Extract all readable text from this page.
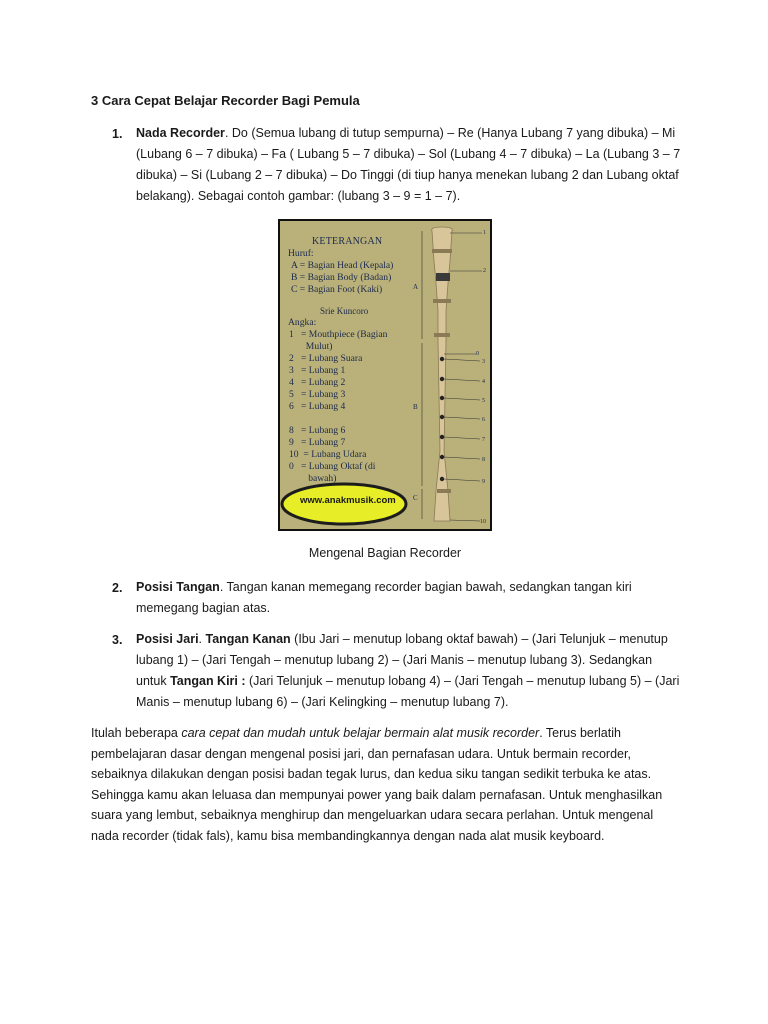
3 Cara Cepat Belajar Recorder Bagi Pemula
1. Nada Recorder. Do (Semua lubang di tutup sempurna) – Re (Hanya Lubang 7 yang dibuka) – Mi (Lubang 6 – 7 dibuka) – Fa ( Lubang 5 – 7 dibuka) – Sol (Lubang 4 – 7 dibuka) – La (Lubang 3 – 7 dibuka) – Si (Lubang 2 – 7 dibuka) – Do Tinggi (di tiup hanya menekan lubang 2 dan Lubang oktaf belakang). Sebagai contoh gambar: (lubang 3 – 9 = 1 – 7).
KETERANGAN
Huruf:
A = Bagian Head (Kepala)
B = Bagian Body (Badan)
C = Bagian Foot (Kaki)
Srie Kuncoro
Angka:
1   = Mouthpiece (Bagian
Mulut)
2   = Lubang Suara
3   = Lubang 1
4   = Lubang 2
5   = Lubang 3
6   = Lubang 4
8   = Lubang 6
9   = Lubang 7
10  = Lubang Udara
0   = Lubang Oktaf (di
bawah)
www.anakmusik.com
A
B
C
1
2
0
3
4
5
6
7
8
9
10
Mengenal Bagian Recorder
2. Posisi Tangan. Tangan kanan memegang recorder bagian bawah, sedangkan tangan kiri memegang bagian atas.
3. Posisi Jari. Tangan Kanan (Ibu Jari – menutup lobang oktaf bawah) – (Jari Telunjuk – menutup lubang 1) – (Jari Tengah – menutup lubang 2) – (Jari Manis – menutup lubang 3). Sedangkan untuk Tangan Kiri : (Jari Telunjuk – menutup lobang 4) – (Jari Tengah – menutup lubang 5) – (Jari Manis – menutup lubang 6) – (Jari Kelingking – menutup lubang 7).
Itulah beberapa cara cepat dan mudah untuk belajar bermain alat musik recorder. Terus berlatih pembelajaran dasar dengan mengenal posisi jari, dan pernafasan udara. Untuk bermain recorder, sebaiknya dilakukan dengan posisi badan tegak lurus, dan kedua siku tangan sedikit terbuka ke atas. Sehingga kamu akan leluasa dan mempunyai power yang baik dalam pernafasan. Untuk menghasilkan suara yang lembut, sebaiknya menghirup dan mengeluarkan udara secara perlahan. Untuk mengenal nada recorder (tidak fals), kamu bisa membandingkannya dengan nada alat musik keyboard.
